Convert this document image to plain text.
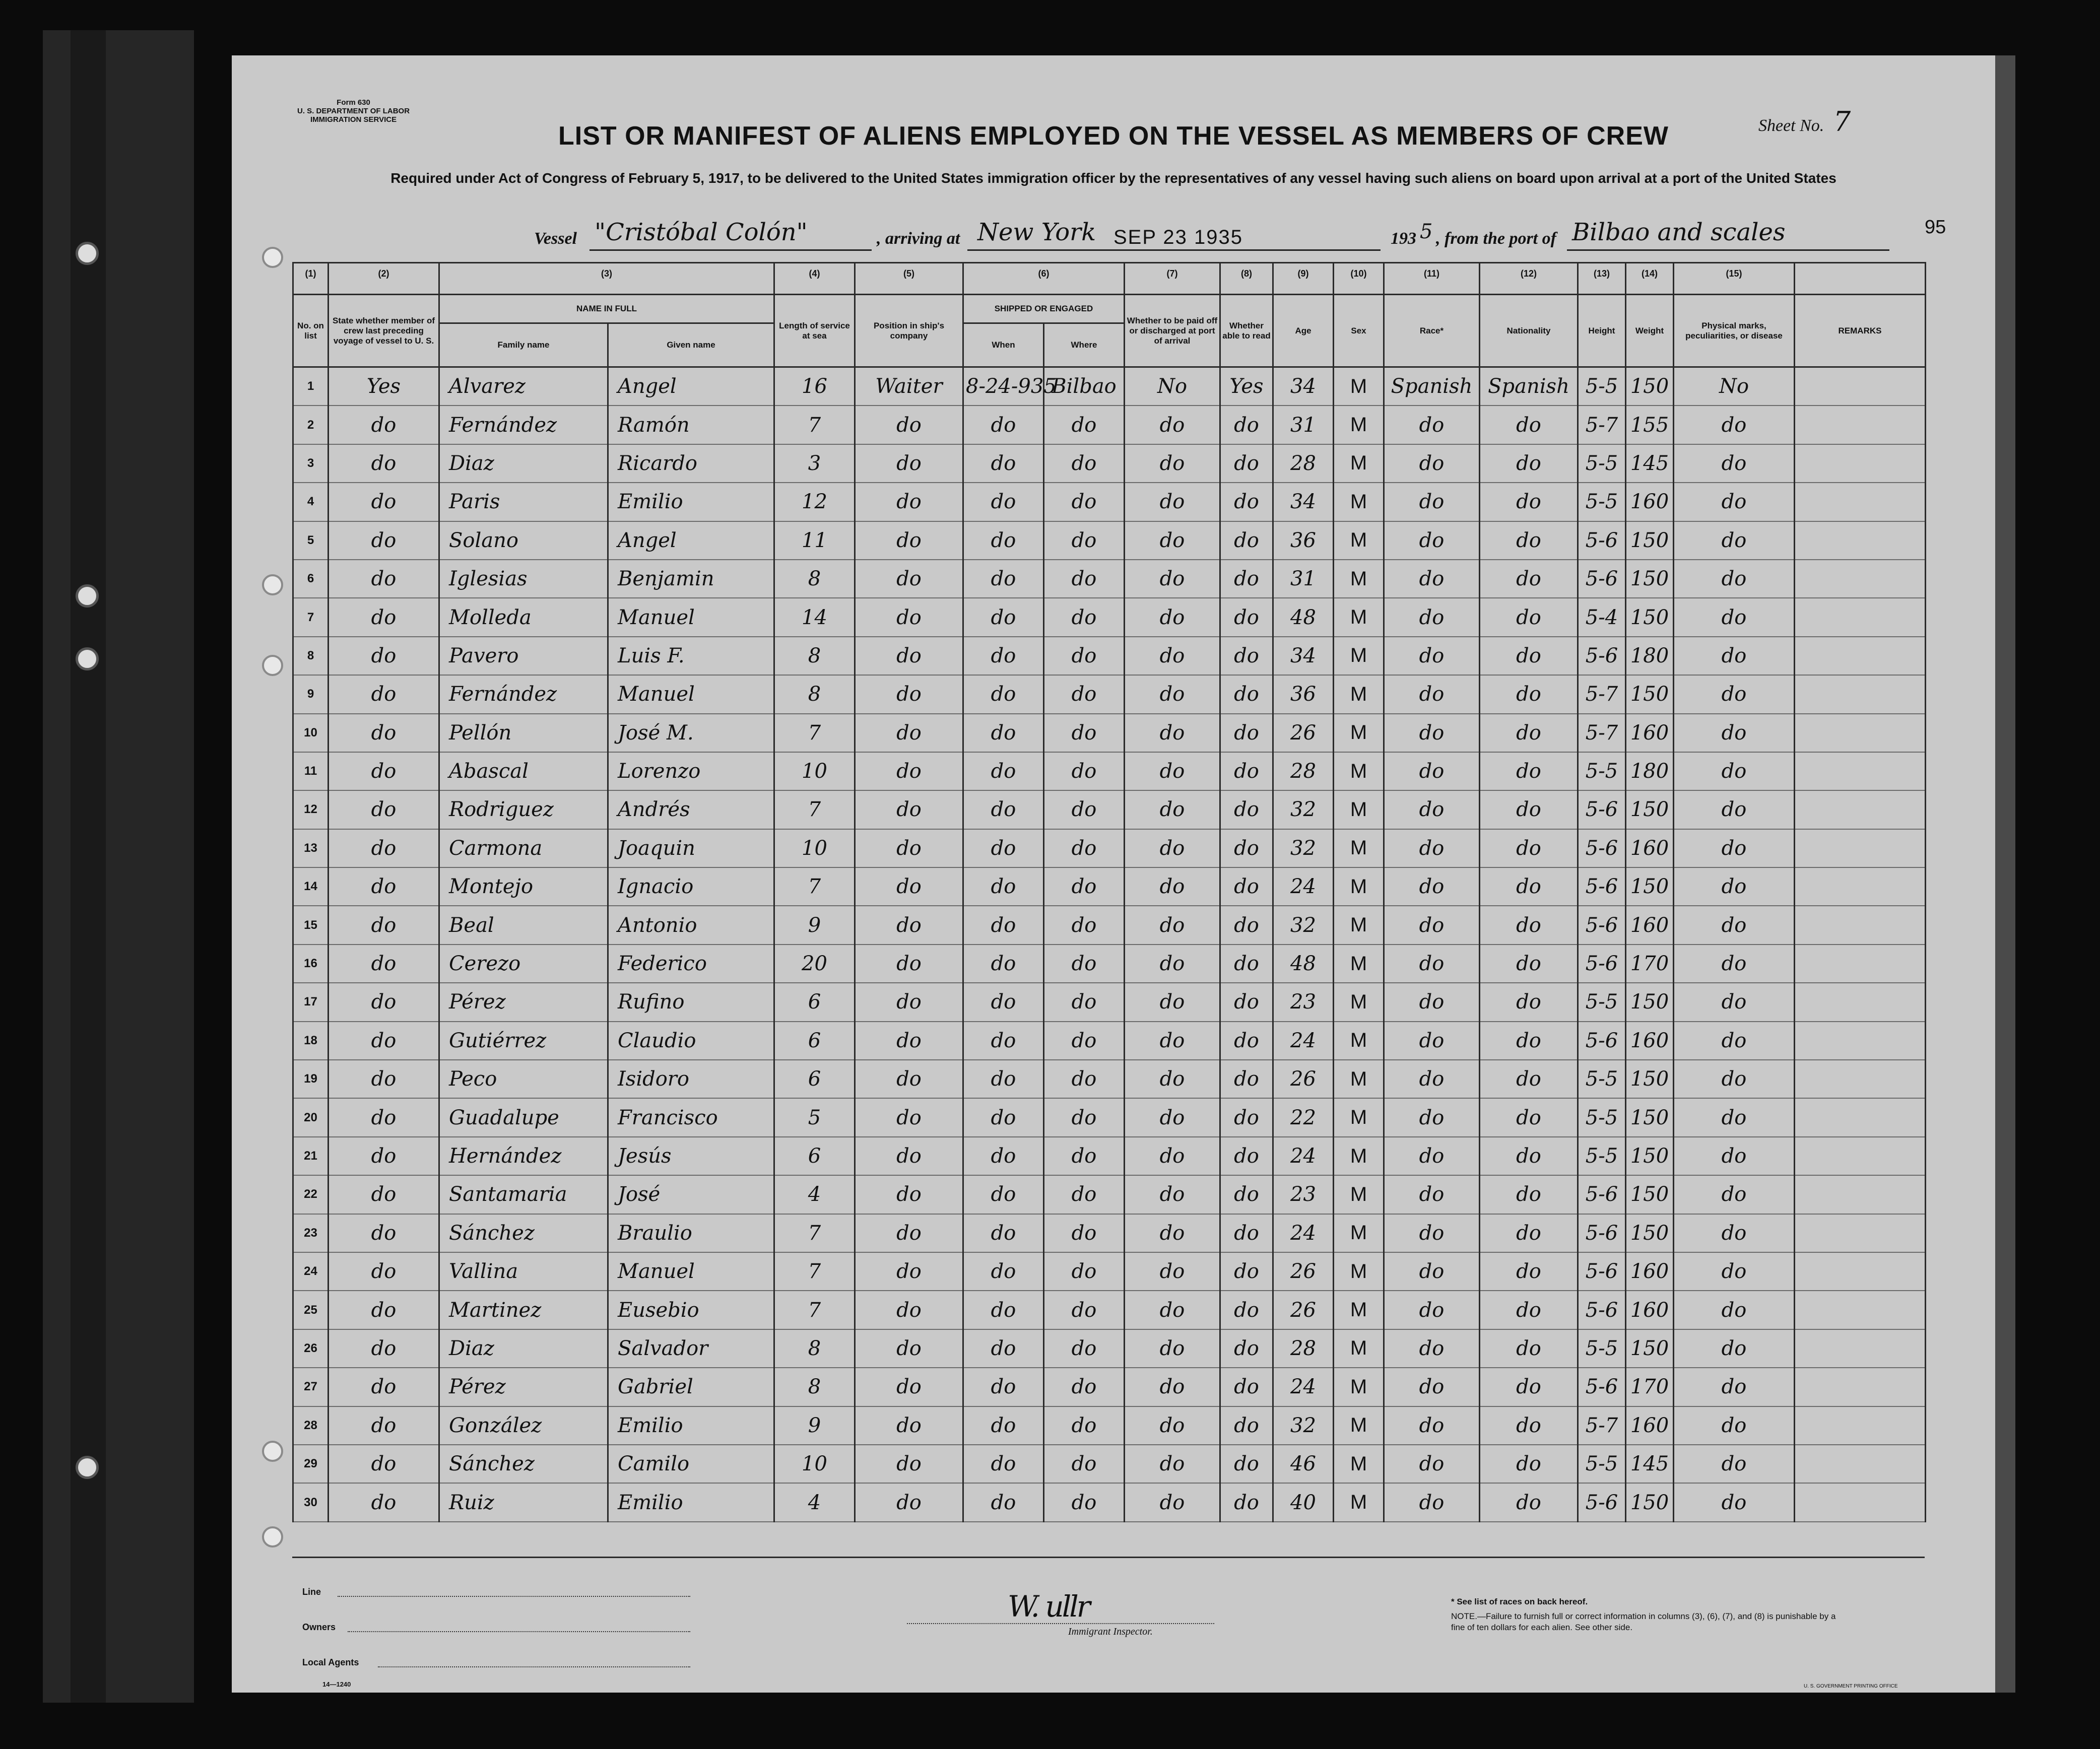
Form 630
U. S. DEPARTMENT OF LABOR
IMMIGRATION SERVICE	Sheet No. 7
LIST OR MANIFEST OF ALIENS EMPLOYED ON THE VESSEL AS MEMBERS OF CREW
Required under Act of Congress of February 5, 1917, to be delivered to the United States immigration officer by the representatives of any vessel having such aliens on board upon arrival at a port of the United States
Vessel "Cristóbal Colón"	, arriving at New York SEP 23 1935	193 5 , from the port of Bilbao and scales	95
(1)	(2)	(3)		(4)	(5)	(6)		(7)	(8)	(9)	(10)	(11)	(12)	(13)	(14)	(15)	
No. on list	State whether member of crew last preceding voyage of vessel to U. S.	NAME IN FULL		Length of service at sea	Position in ship's company	SHIPPED OR ENGAGED		Whether to be paid off or discharged at port of arrival	Whether able to read	Age	Sex	Race*	Nationality	Height	Weight	Physical marks, peculiarities, or disease	REMARKS
		Family name	Given name			When	Where										
1	Yes	Alvarez	Angel	16	Waiter	8-24-935	Bilbao	No	Yes	34	M	Spanish	Spanish	5-5	150	No	
2	do	Fernández	Ramón	7	do	do	do	do	do	31	M	do	do	5-7	155	do	
3	do	Diaz	Ricardo	3	do	do	do	do	do	28	M	do	do	5-5	145	do	
4	do	Paris	Emilio	12	do	do	do	do	do	34	M	do	do	5-5	160	do	
5	do	Solano	Angel	11	do	do	do	do	do	36	M	do	do	5-6	150	do	
6	do	Iglesias	Benjamin	8	do	do	do	do	do	31	M	do	do	5-6	150	do	
7	do	Molleda	Manuel	14	do	do	do	do	do	48	M	do	do	5-4	150	do	
8	do	Pavero	Luis F.	8	do	do	do	do	do	34	M	do	do	5-6	180	do	
9	do	Fernández	Manuel	8	do	do	do	do	do	36	M	do	do	5-7	150	do	
10	do	Pellón	José M.	7	do	do	do	do	do	26	M	do	do	5-7	160	do	
11	do	Abascal	Lorenzo	10	do	do	do	do	do	28	M	do	do	5-5	180	do	
12	do	Rodriguez	Andrés	7	do	do	do	do	do	32	M	do	do	5-6	150	do	
13	do	Carmona	Joaquin	10	do	do	do	do	do	32	M	do	do	5-6	160	do	
14	do	Montejo	Ignacio	7	do	do	do	do	do	24	M	do	do	5-6	150	do	
15	do	Beal	Antonio	9	do	do	do	do	do	32	M	do	do	5-6	160	do	
16	do	Cerezo	Federico	20	do	do	do	do	do	48	M	do	do	5-6	170	do	
17	do	Pérez	Rufino	6	do	do	do	do	do	23	M	do	do	5-5	150	do	
18	do	Gutiérrez	Claudio	6	do	do	do	do	do	24	M	do	do	5-6	160	do	
19	do	Peco	Isidoro	6	do	do	do	do	do	26	M	do	do	5-5	150	do	
20	do	Guadalupe	Francisco	5	do	do	do	do	do	22	M	do	do	5-5	150	do	
21	do	Hernández	Jesús	6	do	do	do	do	do	24	M	do	do	5-5	150	do	
22	do	Santamaria	José	4	do	do	do	do	do	23	M	do	do	5-6	150	do	
23	do	Sánchez	Braulio	7	do	do	do	do	do	24	M	do	do	5-6	150	do	
24	do	Vallina	Manuel	7	do	do	do	do	do	26	M	do	do	5-6	160	do	
25	do	Martinez	Eusebio	7	do	do	do	do	do	26	M	do	do	5-6	160	do	
26	do	Diaz	Salvador	8	do	do	do	do	do	28	M	do	do	5-5	150	do	
27	do	Pérez	Gabriel	8	do	do	do	do	do	24	M	do	do	5-6	170	do	
28	do	González	Emilio	9	do	do	do	do	do	32	M	do	do	5-7	160	do	
29	do	Sánchez	Camilo	10	do	do	do	do	do	46	M	do	do	5-5	145	do	
30	do	Ruiz	Emilio	4	do	do	do	do	do	40	M	do	do	5-6	150	do	
Line
Owners
Local Agents
14—1240
W. ullr
Immigrant Inspector.
* See list of races on back hereof.
NOTE.—Failure to furnish full or correct information in columns (3), (6), (7), and (8) is punishable by a fine of ten dollars for each alien. See other side.
U. S. GOVERNMENT PRINTING OFFICE
